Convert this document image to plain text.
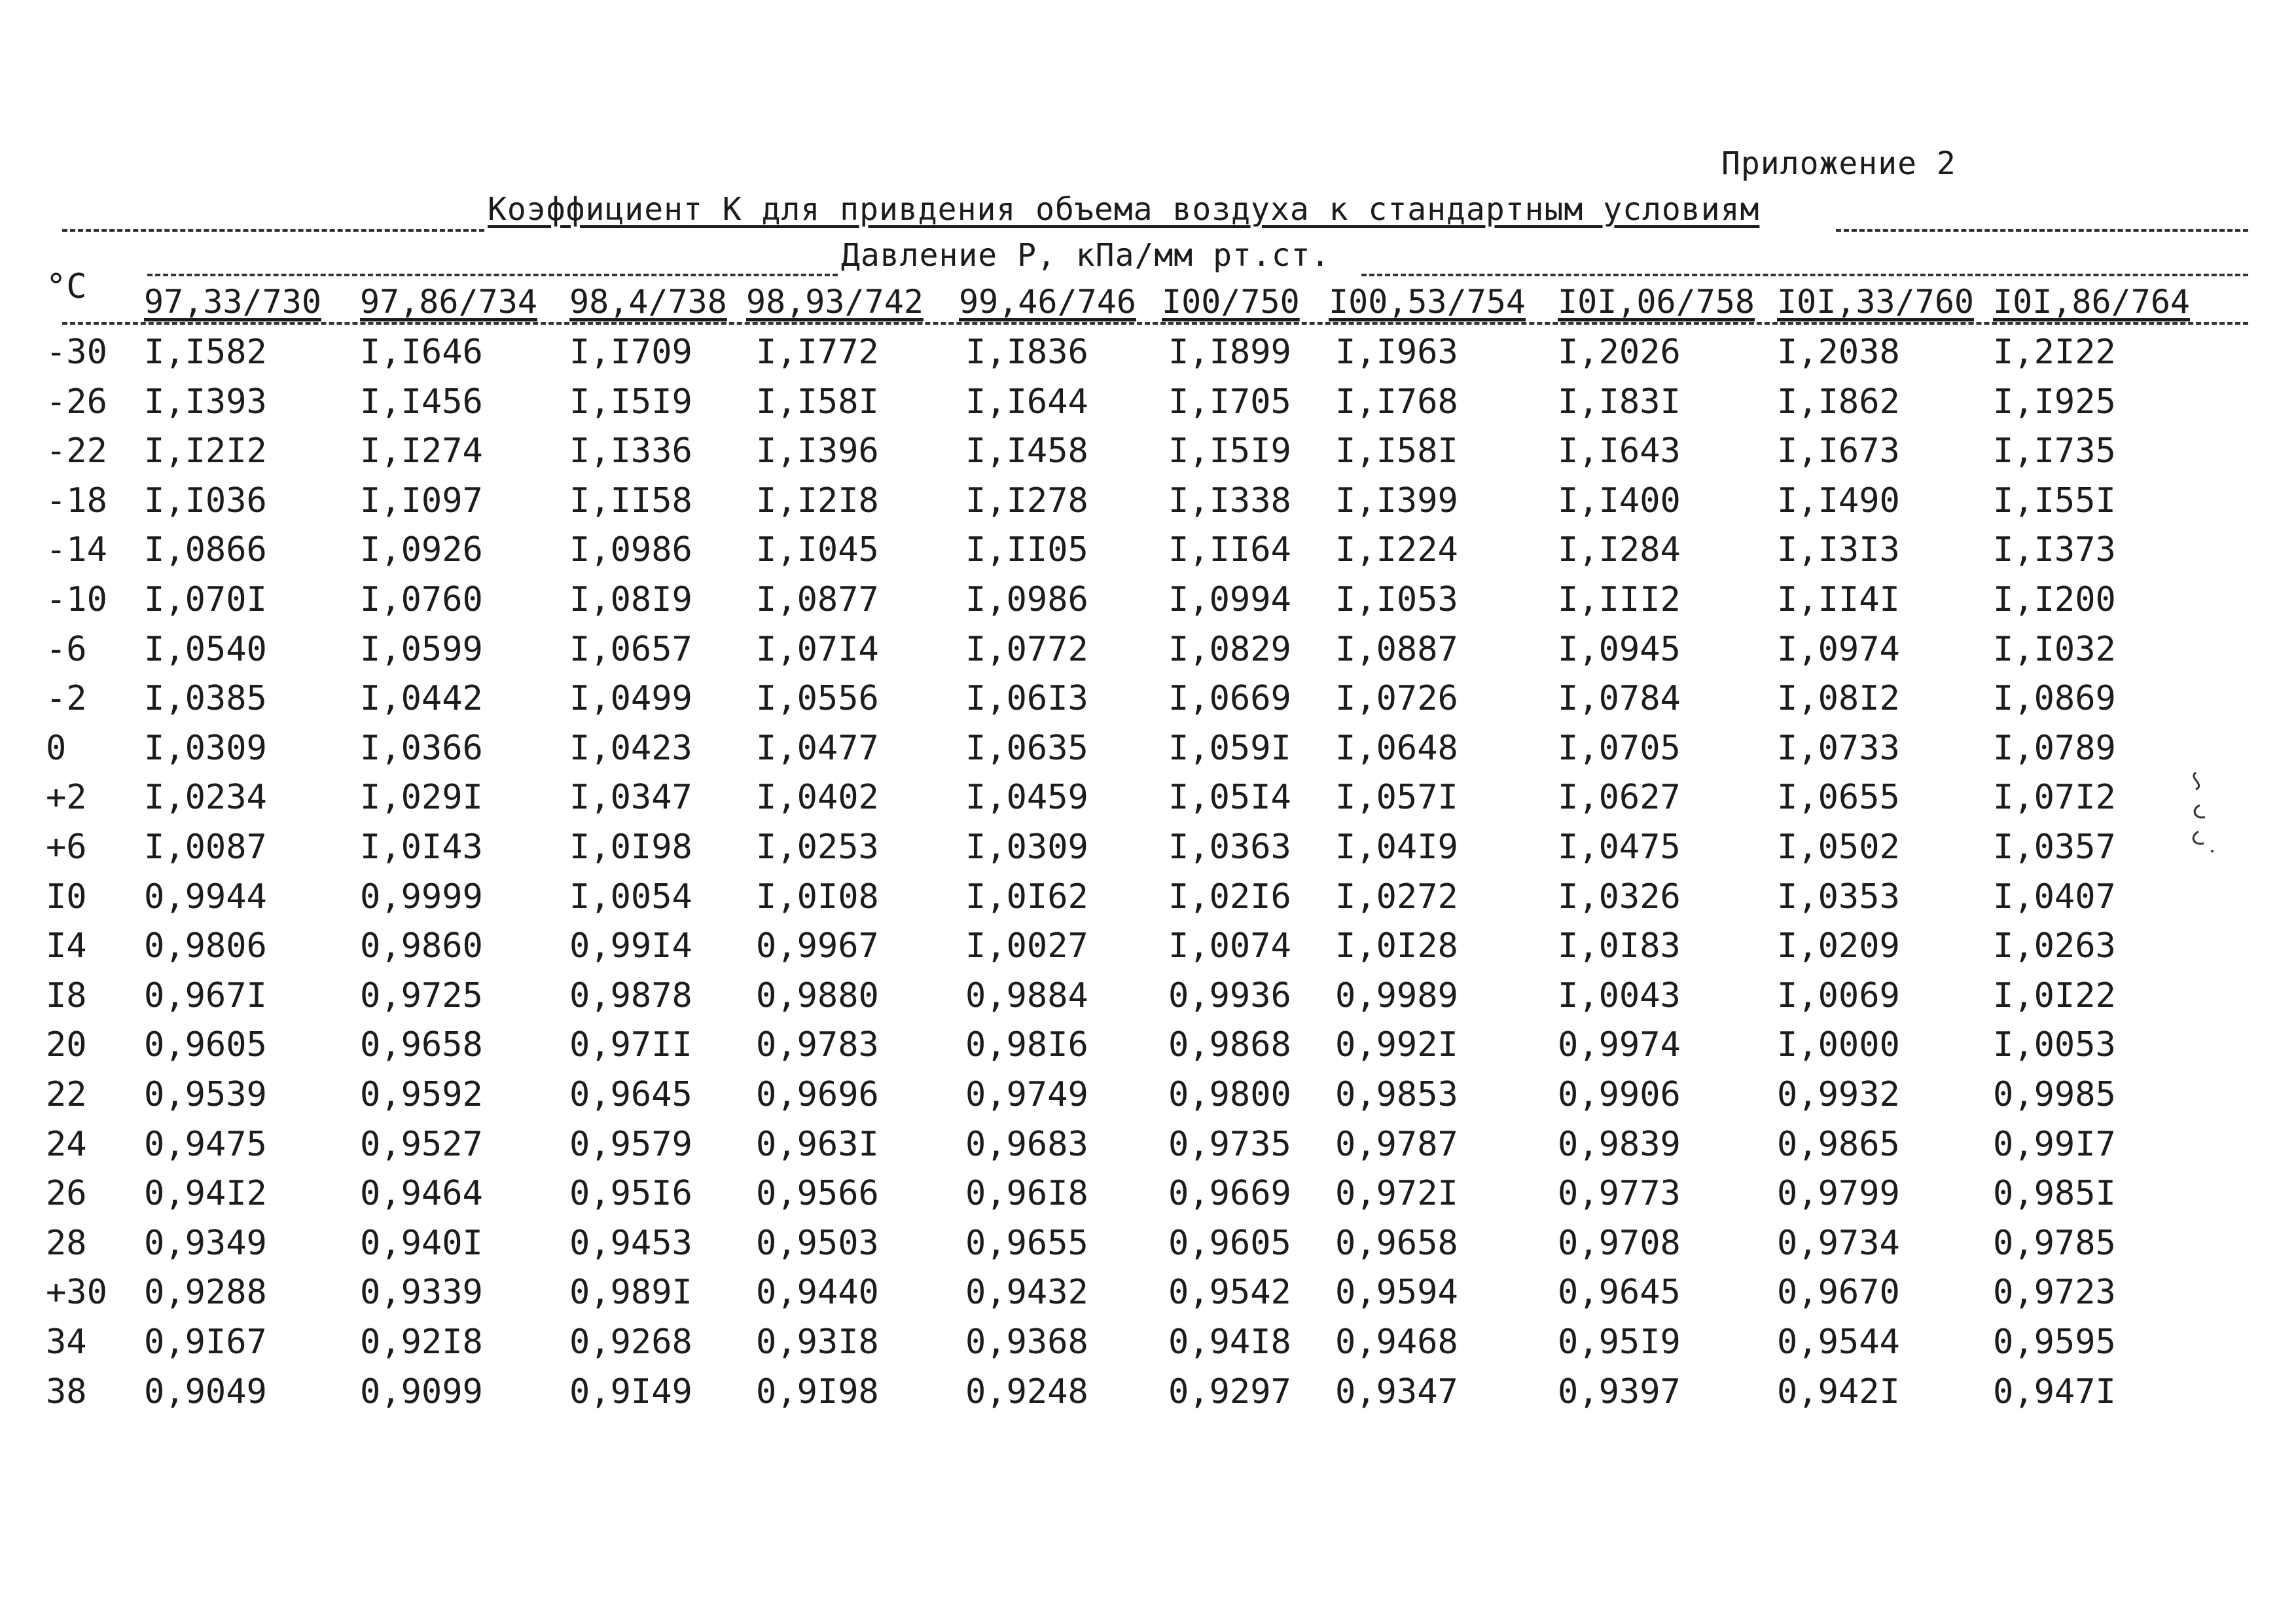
Приложение 2
Коэффициент К для привдения объема воздуха к стандартным условиям
Давление Р, кПа/мм рт.ст.
°С 97,33/730 97,86/734 98,4/738 98,93/742 99,46/746 I00/750 I00,53/754 I0I,06/758 I0I,33/760 I0I,86/764
-30 I,I582	I,I646	I,I709 I,I772	I,I836 I,I899 I,I963	I,2026	I,2038	I,2I22
-26 I,I393	I,I456	I,I5I9 I,I58I	I,I644 I,I705 I,I768	I,I83I	I,I862	I,I925
-22 I,I2I2	I,I274	I,I336 I,I396	I,I458 I,I5I9 I,I58I	I,I643	I,I673	I,I735
-18 I,I036	I,I097	I,II58 I,I2I8	I,I278 I,I338 I,I399	I,I400	I,I490	I,I55I
-14 I,0866	I,0926	I,0986 I,I045	I,II05 I,II64 I,I224	I,I284	I,I3I3	I,I373
-10 I,070I	I,0760	I,08I9 I,0877	I,0986 I,0994 I,I053	I,III2	I,II4I	I,I200
-6 I,0540	I,0599	I,0657 I,07I4	I,0772 I,0829 I,0887	I,0945	I,0974	I,I032
-2 I,0385	I,0442	I,0499 I,0556	I,06I3 I,0669 I,0726	I,0784	I,08I2	I,0869
0 I,0309	I,0366	I,0423 I,0477	I,0635 I,059I I,0648	I,0705	I,0733	I,0789
+2 I,0234	I,029I	I,0347 I,0402	I,0459 I,05I4 I,057I	I,0627	I,0655	I,07I2
+6 I,0087	I,0I43	I,0I98 I,0253	I,0309 I,0363 I,04I9	I,0475	I,0502	I,0357
I0 0,9944	0,9999	I,0054 I,0I08	I,0I62 I,02I6 I,0272	I,0326	I,0353	I,0407
I4 0,9806	0,9860	0,99I4 0,9967	I,0027 I,0074 I,0I28	I,0I83	I,0209	I,0263
I8 0,967I	0,9725	0,9878 0,9880	0,9884 0,9936 0,9989	I,0043	I,0069	I,0I22
20 0,9605	0,9658	0,97II 0,9783	0,98I6 0,9868 0,992I	0,9974	I,0000	I,0053
22 0,9539	0,9592	0,9645 0,9696	0,9749 0,9800 0,9853	0,9906	0,9932	0,9985
24 0,9475	0,9527	0,9579 0,963I	0,9683 0,9735 0,9787	0,9839	0,9865	0,99I7
26 0,94I2	0,9464	0,95I6 0,9566	0,96I8 0,9669 0,972I	0,9773	0,9799	0,985I
28 0,9349	0,940I	0,9453 0,9503	0,9655 0,9605 0,9658	0,9708	0,9734	0,9785
+30 0,9288	0,9339	0,989I 0,9440	0,9432 0,9542 0,9594	0,9645	0,9670	0,9723
34 0,9I67	0,92I8	0,9268 0,93I8	0,9368 0,94I8 0,9468	0,95I9	0,9544	0,9595
38 0,9049	0,9099	0,9I49 0,9I98	0,9248 0,9297 0,9347	0,9397	0,942I	0,947I
